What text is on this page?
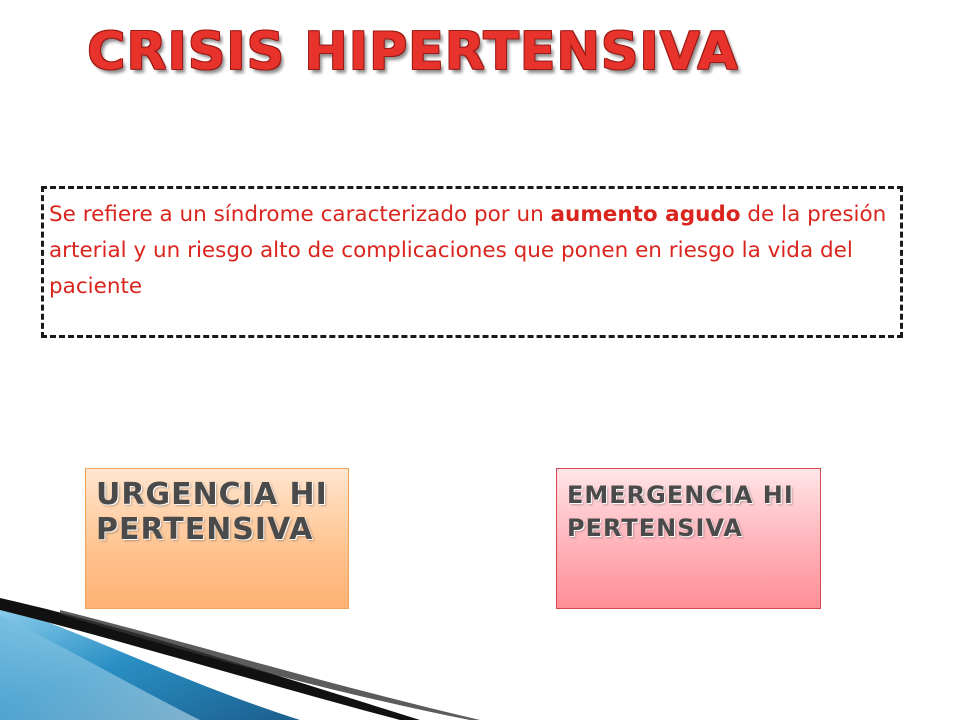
CRISIS HIPERTENSIVA

Se refiere a un síndrome caracterizado por un aumento agudo de la presión arterial y un riesgo alto de complicaciones que ponen en riesgo la vida del paciente

URGENCIA HIPERTENSIVA

EMERGENCIA HIPERTENSIVA
